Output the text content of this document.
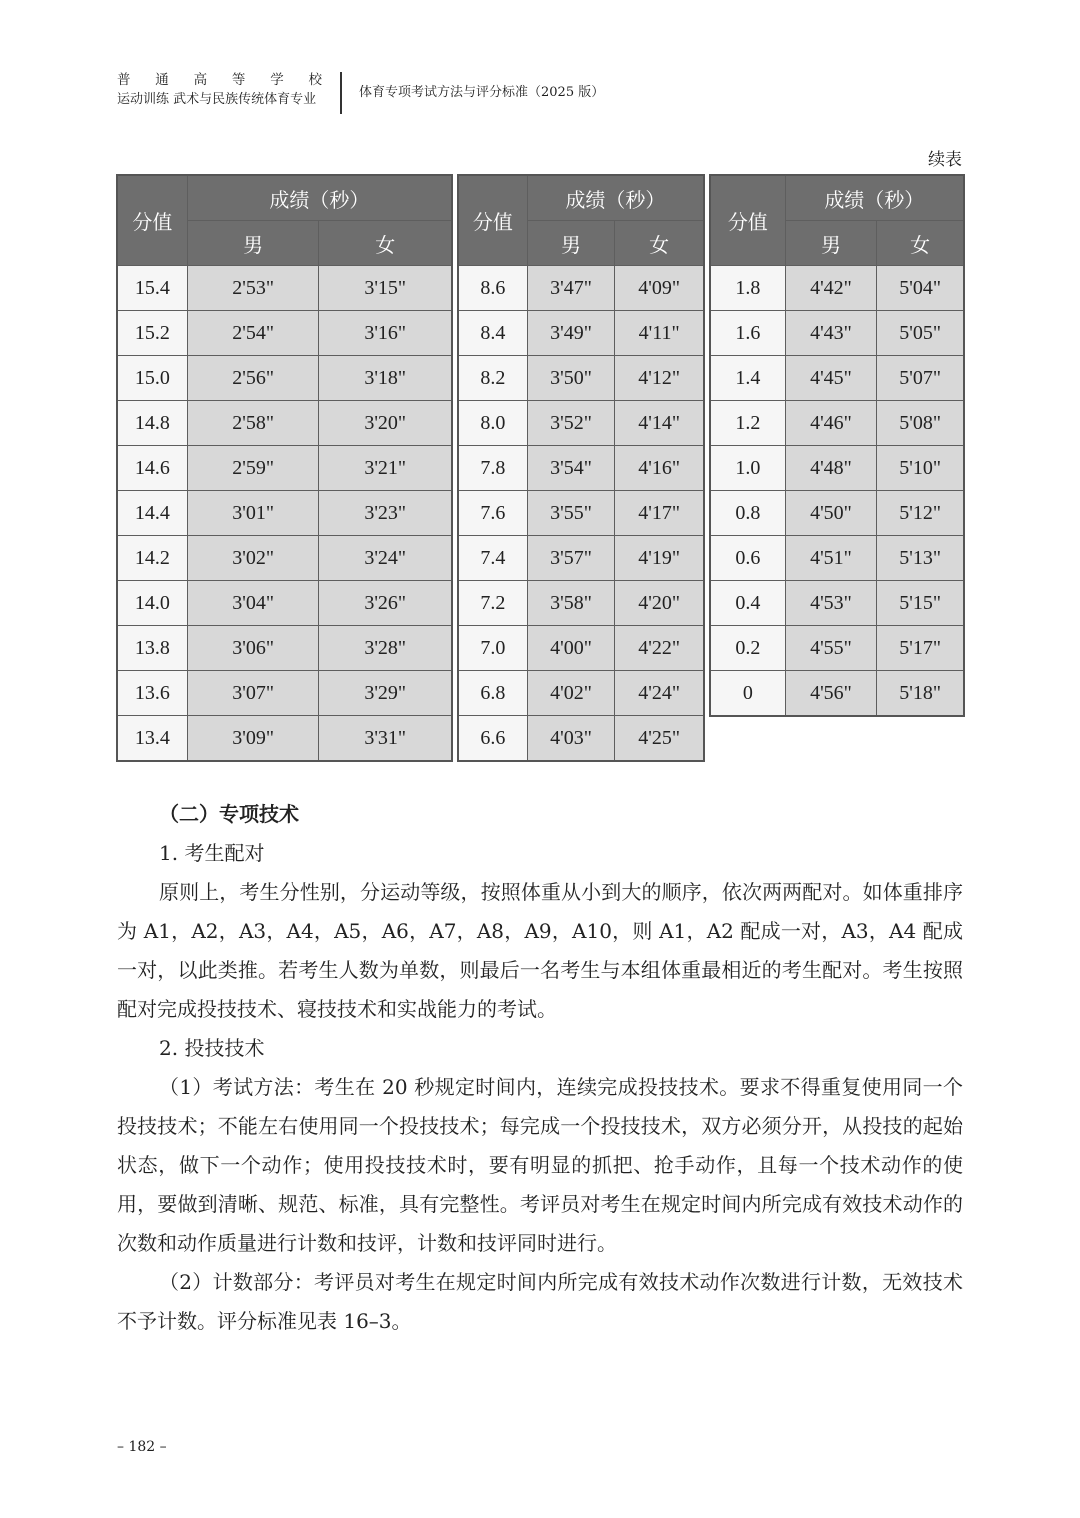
普 通 高 等 学 校
运动训练 武术与民族传统体育专业	体育专项考试方法与评分标准（2025 版）
续表
分值	成绩（秒）	
	男	女
15.4	2'53"	3'15"
15.2	2'54"	3'16"
15.0	2'56"	3'18"
14.8	2'58"	3'20"
14.6	2'59"	3'21"
14.4	3'01"	3'23"
14.2	3'02"	3'24"
14.0	3'04"	3'26"
13.8	3'06"	3'28"
13.6	3'07"	3'29"
13.4	3'09"	3'31"
分值	成绩（秒）	
	男	女
8.6	3'47"	4'09"
8.4	3'49"	4'11"
8.2	3'50"	4'12"
8.0	3'52"	4'14"
7.8	3'54"	4'16"
7.6	3'55"	4'17"
7.4	3'57"	4'19"
7.2	3'58"	4'20"
7.0	4'00"	4'22"
6.8	4'02"	4'24"
6.6	4'03"	4'25"
分值	成绩（秒）	
	男	女
1.8	4'42"	5'04"
1.6	4'43"	5'05"
1.4	4'45"	5'07"
1.2	4'46"	5'08"
1.0	4'48"	5'10"
0.8	4'50"	5'12"
0.6	4'51"	5'13"
0.4	4'53"	5'15"
0.2	4'55"	5'17"
0	4'56"	5'18"

（二）专项技术

1. 考生配对

原则上，考生分性别，分运动等级，按照体重从小到大的顺序，依次两两配对。如体重排序为 A1，A2，A3，A4，A5，A6，A7，A8，A9，A10，则 A1，A2 配成一对，A3，A4 配成一对，以此类推。若考生人数为单数，则最后一名考生与本组体重最相近的考生配对。考生按照配对完成投技技术、寝技技术和实战能力的考试。

2. 投技技术

（1）考试方法：考生在 20 秒规定时间内，连续完成投技技术。要求不得重复使用同一个投技技术；不能左右使用同一个投技技术；每完成一个投技技术，双方必须分开，从投技的起始状态，做下一个动作；使用投技技术时，要有明显的抓把、抢手动作，且每一个技术动作的使用，要做到清晰、规范、标准，具有完整性。考评员对考生在规定时间内所完成有效技术动作的次数和动作质量进行计数和技评，计数和技评同时进行。

（2）计数部分：考评员对考生在规定时间内所完成有效技术动作次数进行计数，无效技术不予计数。评分标准见表 16–3。

– 182 –
